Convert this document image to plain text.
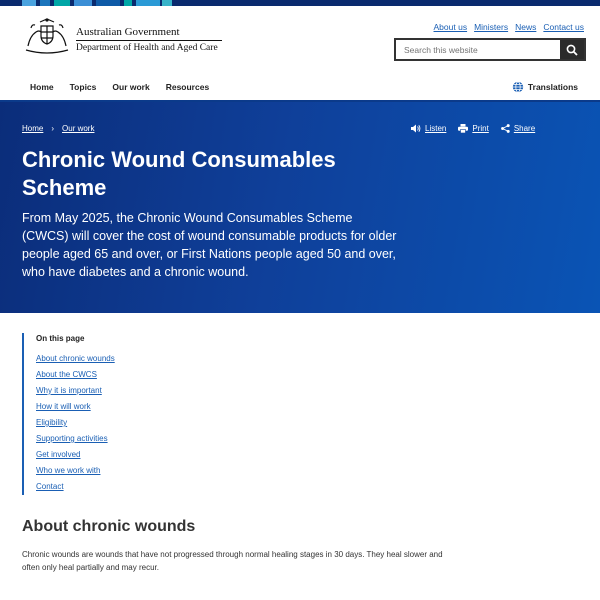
Australian Government
Department of Health and Aged Care
About us Ministers News Contact us
Search this website
Home	Topics	Our work	Resources	Translations
Home › Our work	Listen	Print	Share
Chronic Wound Consumables Scheme

From May 2025, the Chronic Wound Consumables Scheme (CWCS) will cover the cost of wound consumable products for older people aged 65 and over, or First Nations people aged 50 and over, who have diabetes and a chronic wound.

On this page
About chronic wounds
About the CWCS
Why it is important
How it will work
Eligibility
Supporting activities
Get involved
Who we work with
Contact
About chronic wounds

Chronic wounds are wounds that have not progressed through normal healing stages in 30 days. They heal slower and often only heal partially and may recur.
